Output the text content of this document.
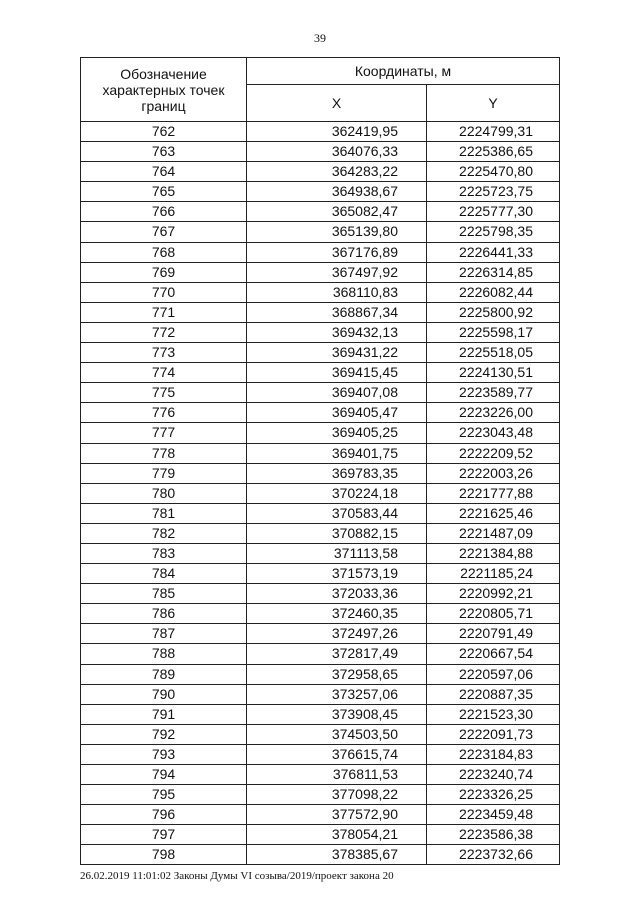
39
Обозначение характерных точек границ	Координаты, м	
	X	Y
762	362419,95	2224799,31
763	364076,33	2225386,65
764	364283,22	2225470,80
765	364938,67	2225723,75
766	365082,47	2225777,30
767	365139,80	2225798,35
768	367176,89	2226441,33
769	367497,92	2226314,85
770	368110,83	2226082,44
771	368867,34	2225800,92
772	369432,13	2225598,17
773	369431,22	2225518,05
774	369415,45	2224130,51
775	369407,08	2223589,77
776	369405,47	2223226,00
777	369405,25	2223043,48
778	369401,75	2222209,52
779	369783,35	2222003,26
780	370224,18	2221777,88
781	370583,44	2221625,46
782	370882,15	2221487,09
783	371113,58	2221384,88
784	371573,19	2221185,24
785	372033,36	2220992,21
786	372460,35	2220805,71
787	372497,26	2220791,49
788	372817,49	2220667,54
789	372958,65	2220597,06
790	373257,06	2220887,35
791	373908,45	2221523,30
792	374503,50	2222091,73
793	376615,74	2223184,83
794	376811,53	2223240,74
795	377098,22	2223326,25
796	377572,90	2223459,48
797	378054,21	2223586,38
798	378385,67	2223732,66
26.02.2019 11:01:02 Законы Думы VI созыва/2019/проект закона 20
